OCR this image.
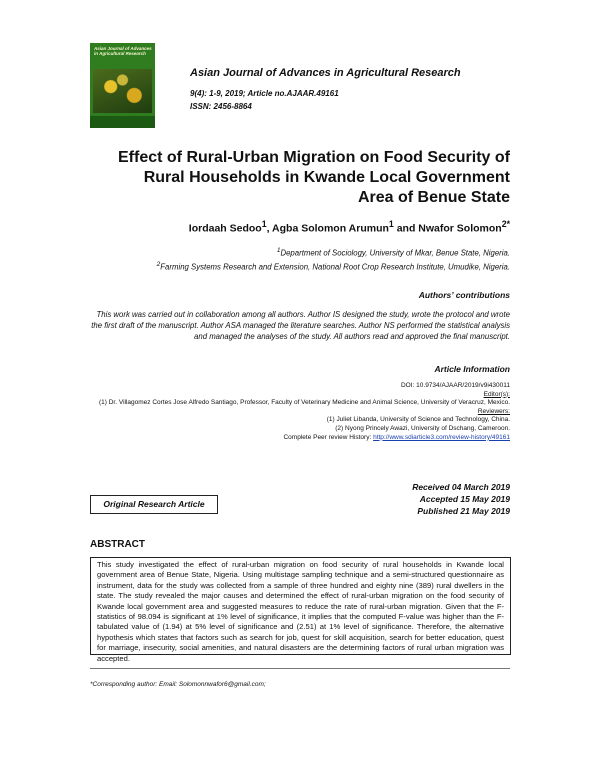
Asian Journal of Advances in Agricultural Research
Asian Journal of Advances in Agricultural Research
9(4): 1-9, 2019; Article no.AJAAR.49161
ISSN: 2456-8864
Effect of Rural-Urban Migration on Food Security of
Rural Households in Kwande Local Government
Area of Benue State
Iordaah Sedoo$^1$, Agba Solomon Arumun$^1$ and Nwafor Solomon$^{2*}$
$^1$Department of Sociology, University of Mkar, Benue State, Nigeria.
$^2$Farming Systems Research and Extension, National Root Crop Research Institute, Umudike, Nigeria.
Authors’ contributions
This work was carried out in collaboration among all authors. Author IS designed the study, wrote the protocol and wrote the first draft of the manuscript. Author ASA managed the literature searches. Author NS performed the statistical analysis and managed the analyses of the study. All authors read and approved the final manuscript.
Article Information
DOI: 10.9734/AJAAR/2019/v9i430011
Editor(s):
(1) Dr. Villagomez Cortes Jose Alfredo Santiago, Professor, Faculty of Veterinary Medicine and Animal Science, University of Veracruz, Mexico.
Reviewers:
(1) Juliet Libanda, University of Science and Technology, China.
(2) Nyong Princely Awazi, University of Dschang, Cameroon.
Complete Peer review History: http://www.sdiarticle3.com/review-history/49161
Original Research Article
Received 04 March 2019
Accepted 15 May 2019
Published 21 May 2019
ABSTRACT
This study investigated the effect of rural-urban migration on food security of rural households in Kwande local government area of Benue State, Nigeria. Using multistage sampling technique and a semi-structured questionnaire as instrument, data for the study was collected from a sample of three hundred and eighty nine (389) rural dwellers in the state. The study revealed the major causes and determined the effect of rural-urban migration on the food security of Kwande local government area and suggested measures to reduce the rate of rural-urban migration. Given that the F- statistics of 98.094 is significant at 1% level of significance, it implies that the computed F-value was higher than the F-tabulated value of (1.94) at 5% level of significance and (2.51) at 1% level of significance. Therefore, the alternative hypothesis which states that factors such as search for job, quest for skill acquisition, search for better education, quest for marriage, insecurity, social amenities, and natural disasters are the determining factors of rural urban migration was accepted.
*Corresponding author: Email: Solomonnwafor6@gmail.com;
